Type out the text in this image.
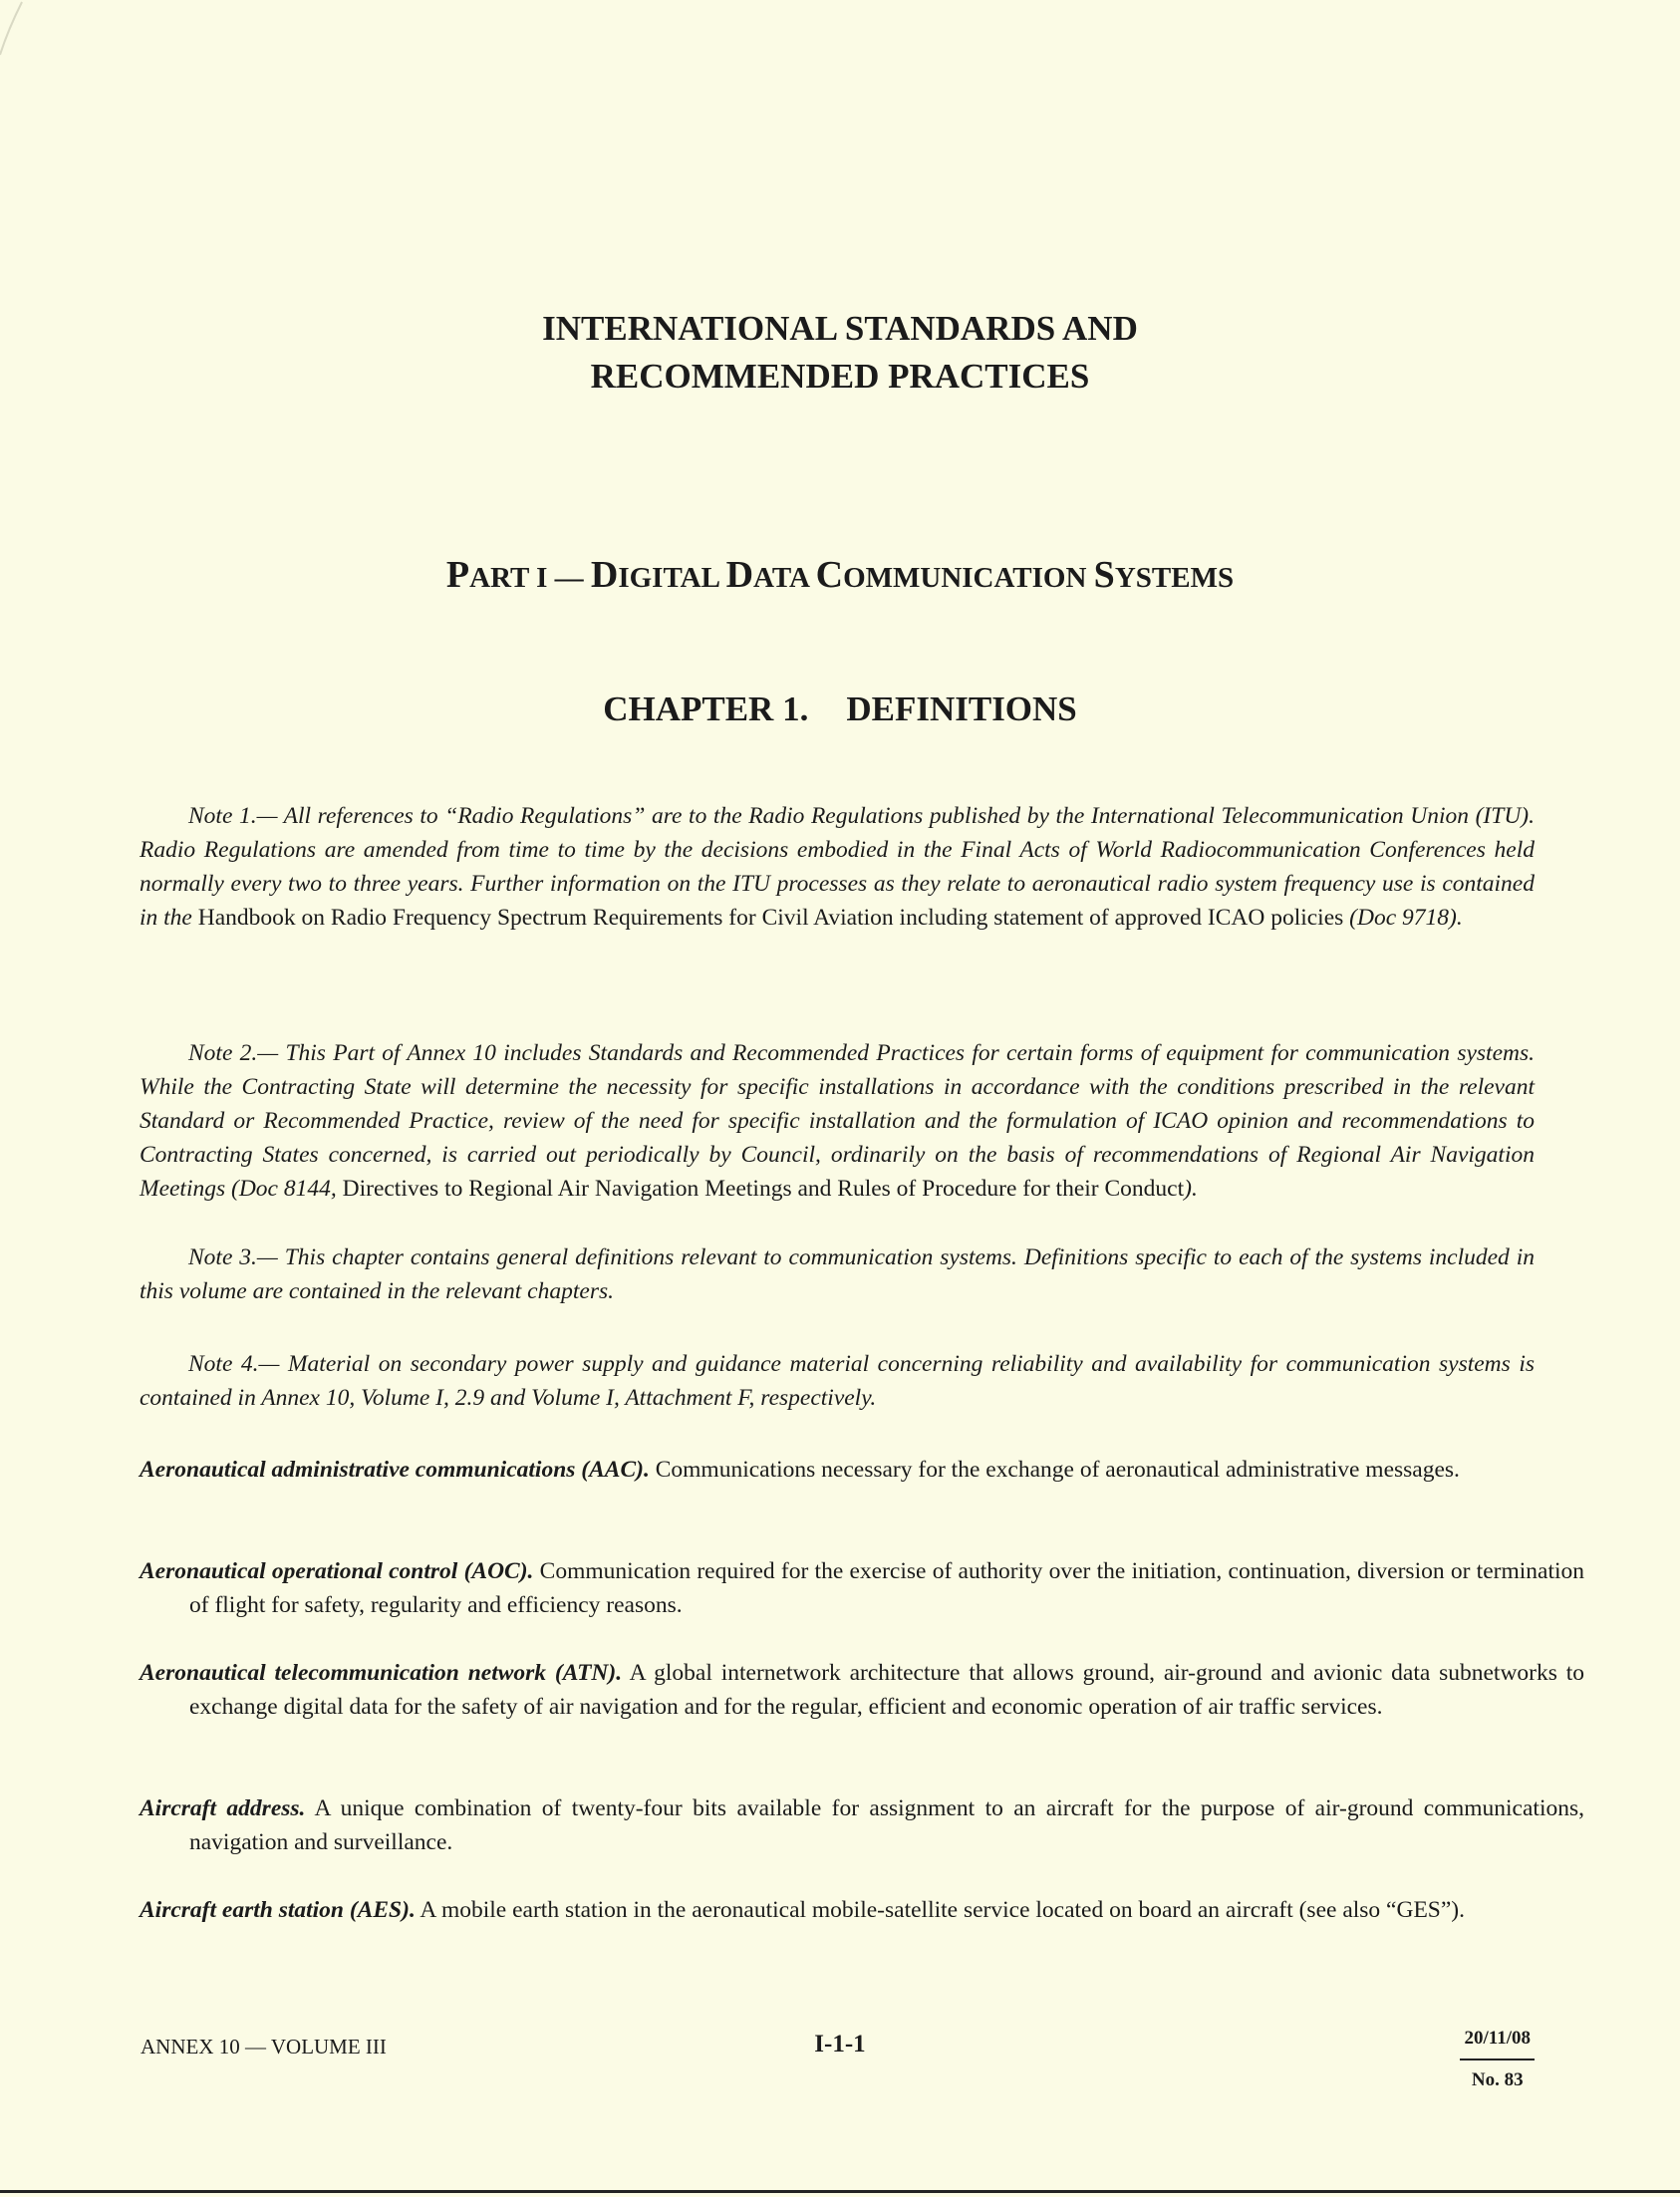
INTERNATIONAL STANDARDS AND
RECOMMENDED PRACTICES
PART I — DIGITAL DATA COMMUNICATION SYSTEMS
CHAPTER 1. DEFINITIONS

Note 1.— All references to “Radio Regulations” are to the Radio Regulations published by the International Telecommunication Union (ITU). Radio Regulations are amended from time to time by the decisions embodied in the Final Acts of World Radiocommunication Conferences held normally every two to three years. Further information on the ITU processes as they relate to aeronautical radio system frequency use is contained in the Handbook on Radio Frequency Spectrum Requirements for Civil Aviation including statement of approved ICAO policies (Doc 9718).

Note 2.— This Part of Annex 10 includes Standards and Recommended Practices for certain forms of equipment for communication systems. While the Contracting State will determine the necessity for specific installations in accordance with the conditions prescribed in the relevant Standard or Recommended Practice, review of the need for specific installation and the formulation of ICAO opinion and recommendations to Contracting States concerned, is carried out periodically by Council, ordinarily on the basis of recommendations of Regional Air Navigation Meetings (Doc 8144, Directives to Regional Air Navigation Meetings and Rules of Procedure for their Conduct).

Note 3.— This chapter contains general definitions relevant to communication systems. Definitions specific to each of the systems included in this volume are contained in the relevant chapters.

Note 4.— Material on secondary power supply and guidance material concerning reliability and availability for communication systems is contained in Annex 10, Volume I, 2.9 and Volume I, Attachment F, respectively.

Aeronautical administrative communications (AAC). Communications necessary for the exchange of aeronautical administrative messages.

Aeronautical operational control (AOC). Communication required for the exercise of authority over the initiation, continuation, diversion or termination of flight for safety, regularity and efficiency reasons.

Aeronautical telecommunication network (ATN). A global internetwork architecture that allows ground, air-ground and avionic data subnetworks to exchange digital data for the safety of air navigation and for the regular, efficient and economic operation of air traffic services.

Aircraft address. A unique combination of twenty-four bits available for assignment to an aircraft for the purpose of air-ground communications, navigation and surveillance.

Aircraft earth station (AES). A mobile earth station in the aeronautical mobile-satellite service located on board an aircraft (see also “GES”).

ANNEX 10 — VOLUME III	I-1-1	20/11/08
No. 83
